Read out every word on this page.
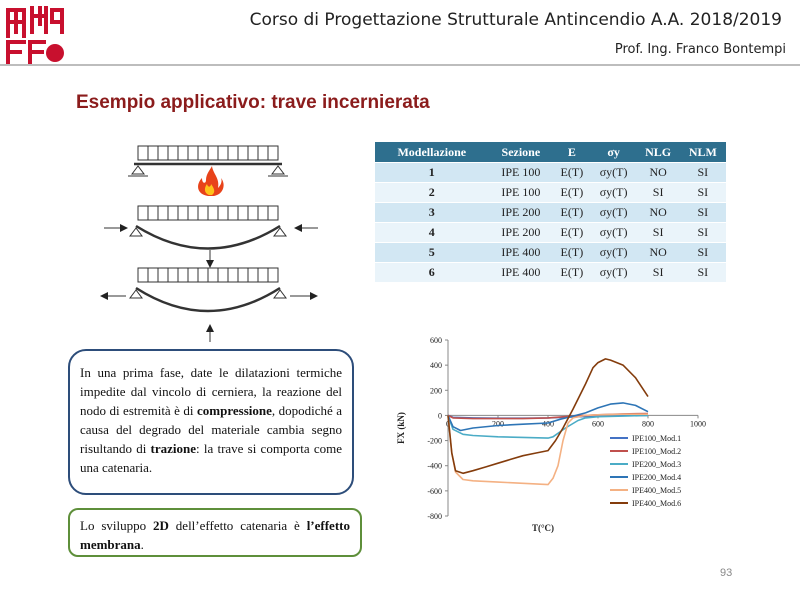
Corso di Progettazione Strutturale Antincendio A.A. 2018/2019
Prof. Ing. Franco Bontempi
Esempio applicativo: trave incernierata
Modellazione	Sezione	E	σy	NLG	NLM
1	IPE 100	E(T)	σy(T)	NO	SI
2	IPE 100	E(T)	σy(T)	SI	SI
3	IPE 200	E(T)	σy(T)	NO	SI
4	IPE 200	E(T)	σy(T)	SI	SI
5	IPE 400	E(T)	σy(T)	NO	SI
6	IPE 400	E(T)	σy(T)	SI	SI
In una prima fase, date le dilatazioni termiche impedite dal vincolo di cerniera, la reazione del nodo di estremità è di compressione, dopodiché a causa del degrado del materiale cambia segno risultando di trazione: la trave si comporta come una catenaria.
Lo sviluppo 2D dell’effetto catenaria è l’effetto membrana.
-800
-600
-400
-200
0
200
400
600
0	200	400	600	800	1000
T(°C)
FX (kN)	IPE100_Mod.1
IPE100_Mod.2
IPE200_Mod.3
IPE200_Mod.4
IPE400_Mod.5
IPE400_Mod.6
93
